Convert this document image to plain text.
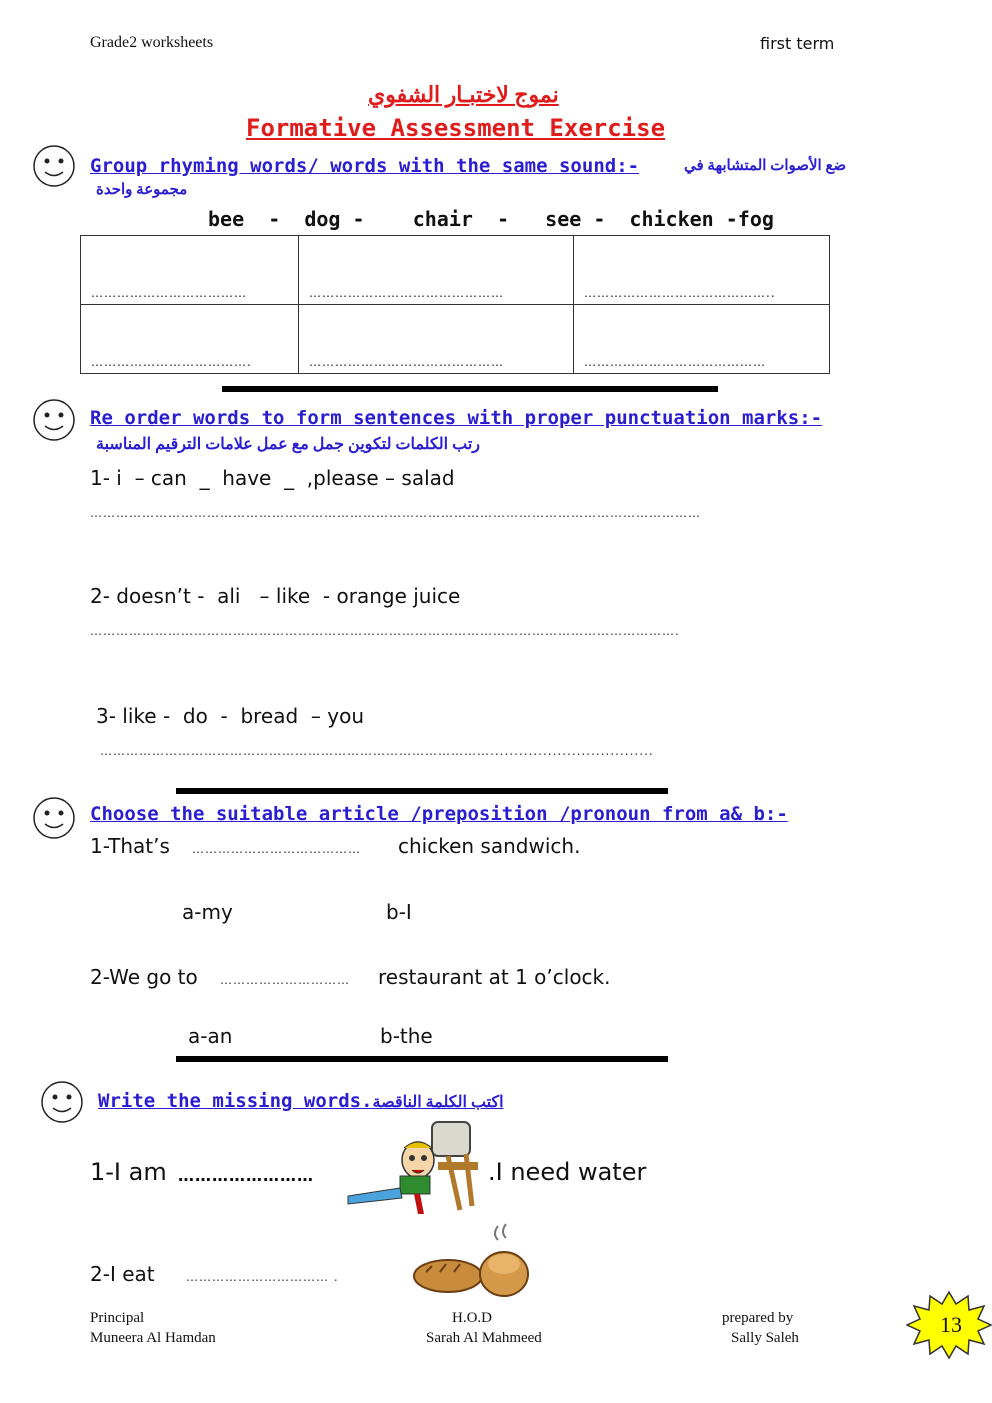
Grade2 worksheets	first term
نموج لاختبـار الشفوي
Formative Assessment Exercise
Group rhyming words/ words with the same sound:-	ضع الأصوات المتشابهة في
مجموعة واحدة
bee  -  dog -    chair  -   see -  chicken -fog
………………………………	………………………………………	……………………………………..
……………………………….	………………………………………	……………………………………
Re order words to form sentences with proper punctuation marks:-
رتب الكلمات لتكوين جمل مع عمل علامات الترقيم المناسبة
1- i  – can  _  have  _  ,please – salad
……………………………………………………………………………………………………………………………
2- doesn’t -  ali   – like  - orange juice
……………………………………………………………………………………………………………………….
3- like -  do  -  bread  – you
………………………………………………………………………………..................................
Choose the suitable article /preposition /pronoun from a& b:-
1-That’s ………………………………… chicken sandwich.
a-my	b-I
2-We go to ………………………… restaurant at 1 o’clock.
a-an	b-the
Write the missing words.اكتب الكلمة الناقصة
1-I am ……………………	.I need water
2-I eat	…………………………… .
Principal
Muneera Al Hamdan
H.O.D
Sarah Al Mahmeed
prepared by
Sally Saleh
13
